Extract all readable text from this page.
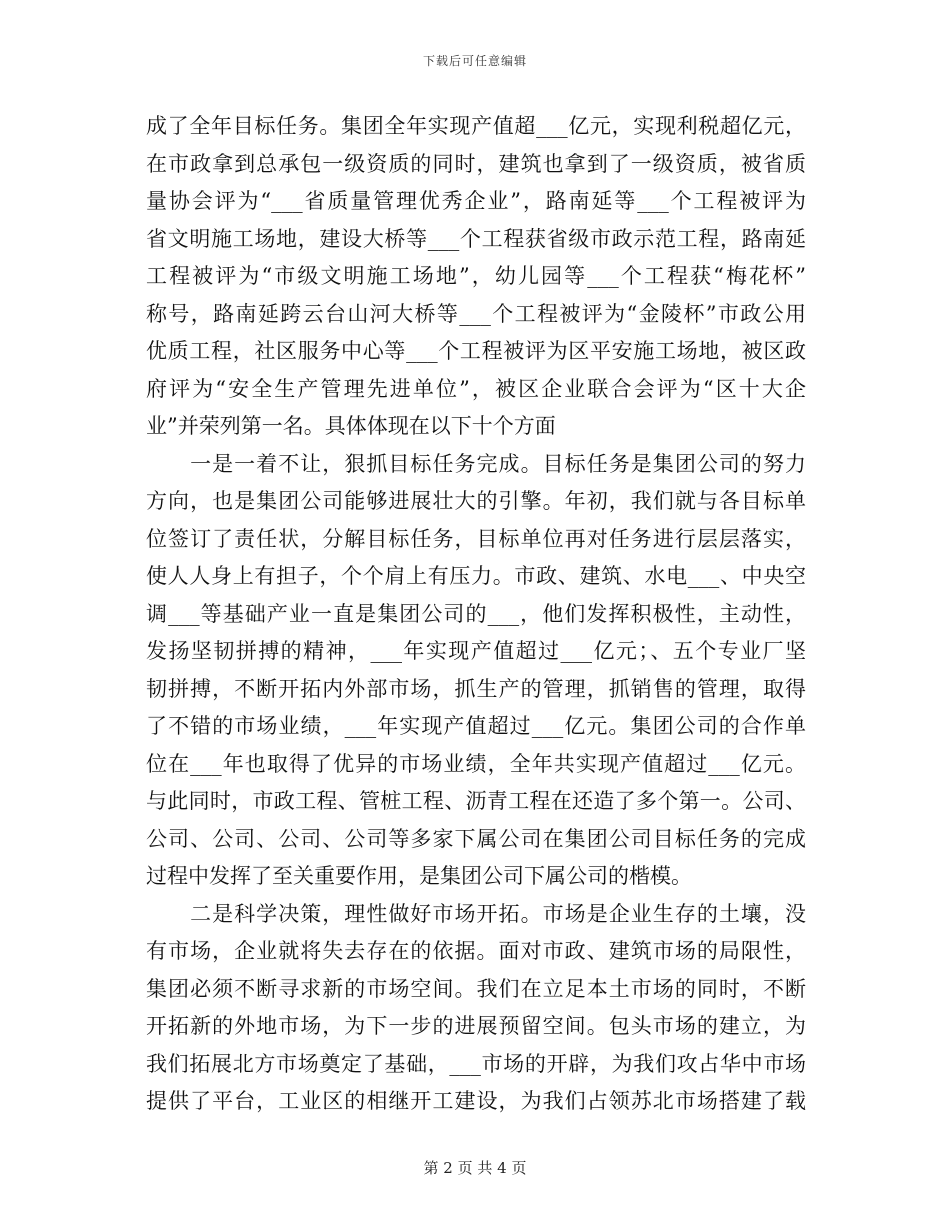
下载后可任意编辑
成了全年目标任务。集团全年实现产值超___亿元，实现利税超亿元，
在市政拿到总承包一级资质的同时，建筑也拿到了一级资质，被省质
量协会评为“___省质量管理优秀企业”，路南延等___个工程被评为
省文明施工场地，建设大桥等___个工程获省级市政示范工程，路南延
工程被评为“市级文明施工场地”，幼儿园等___个工程获“梅花杯”
称号，路南延跨云台山河大桥等___个工程被评为“金陵杯”市政公用
优质工程，社区服务中心等___个工程被评为区平安施工场地，被区政
府评为“安全生产管理先进单位”，被区企业联合会评为“区十大企
业”并荣列第一名。具体体现在以下十个方面
　　一是一着不让，狠抓目标任务完成。目标任务是集团公司的努力
方向，也是集团公司能够进展壮大的引擎。年初，我们就与各目标单
位签订了责任状，分解目标任务，目标单位再对任务进行层层落实，
使人人身上有担子，个个肩上有压力。市政、建筑、水电___、中央空
调___等基础产业一直是集团公司的___，他们发挥积极性，主动性，
发扬坚韧拼搏的精神，___年实现产值超过___亿元；、五个专业厂坚
韧拼搏，不断开拓内外部市场，抓生产的管理，抓销售的管理，取得
了不错的市场业绩，___年实现产值超过___亿元。集团公司的合作单
位在___年也取得了优异的市场业绩，全年共实现产值超过___亿元。
与此同时，市政工程、管桩工程、沥青工程在还造了多个第一。公司、
公司、公司、公司、公司等多家下属公司在集团公司目标任务的完成
过程中发挥了至关重要作用，是集团公司下属公司的楷模。
　　二是科学决策，理性做好市场开拓。市场是企业生存的土壤，没
有市场，企业就将失去存在的依据。面对市政、建筑市场的局限性，
集团必须不断寻求新的市场空间。我们在立足本土市场的同时，不断
开拓新的外地市场，为下一步的进展预留空间。包头市场的建立，为
我们拓展北方市场奠定了基础，___市场的开辟，为我们攻占华中市场
提供了平台，工业区的相继开工建设，为我们占领苏北市场搭建了载
第 2 页 共 4 页
